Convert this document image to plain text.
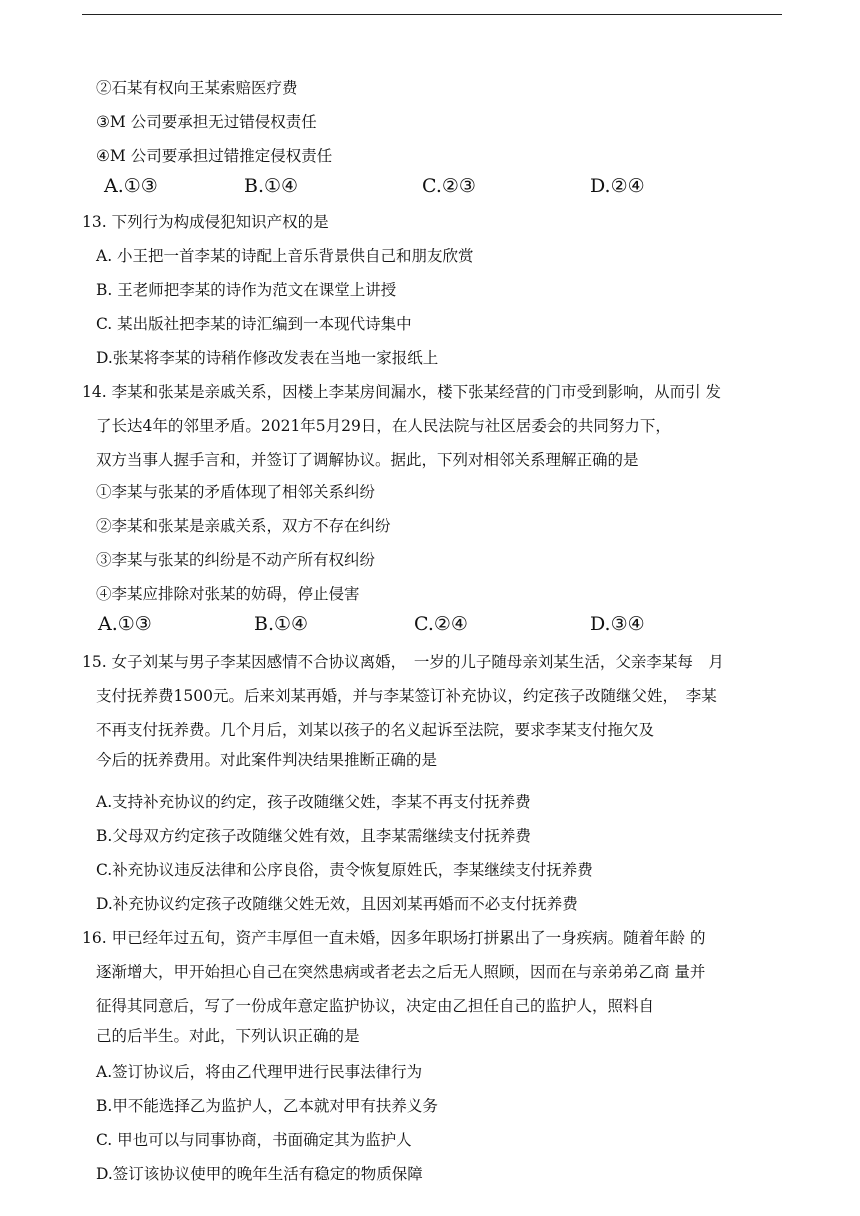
②石某有权向王某索赔医疗费
③M 公司要承担无过错侵权责任
④M 公司要承担过错推定侵权责任
A.①③	B.①④	C.②③	D.②④
13. 下列行为构成侵犯知识产权的是
A. 小王把一首李某的诗配上音乐背景供自己和朋友欣赏
B. 王老师把李某的诗作为范文在课堂上讲授
C. 某出版社把李某的诗汇编到一本现代诗集中
D.张某将李某的诗稍作修改发表在当地一家报纸上
14. 李某和张某是亲戚关系，因楼上李某房间漏水，楼下张某经营的门市受到影响，从而引 发
了长达4年的邻里矛盾。2021年5月29日，在人民法院与社区居委会的共同努力下，
双方当事人握手言和，并签订了调解协议。据此，下列对相邻关系理解正确的是
①李某与张某的矛盾体现了相邻关系纠纷
②李某和张某是亲戚关系，双方不存在纠纷
③李某与张某的纠纷是不动产所有权纠纷
④李某应排除对张某的妨碍，停止侵害
A.①③	B.①④	C.②④	D.③④
15. 女子刘某与男子李某因感情不合协议离婚，　一岁的儿子随母亲刘某生活，父亲李某每　月
支付抚养费1500元。后来刘某再婚，并与李某签订补充协议，约定孩子改随继父姓，　李某
不再支付抚养费。几个月后，刘某以孩子的名义起诉至法院，要求李某支付拖欠及
今后的抚养费用。对此案件判决结果推断正确的是
A.支持补充协议的约定，孩子改随继父姓，李某不再支付抚养费
B.父母双方约定孩子改随继父姓有效，且李某需继续支付抚养费
C.补充协议违反法律和公序良俗，责令恢复原姓氏，李某继续支付抚养费
D.补充协议约定孩子改随继父姓无效，且因刘某再婚而不必支付抚养费
16. 甲已经年过五旬，资产丰厚但一直未婚，因多年职场打拼累出了一身疾病。随着年龄 的
逐渐增大，甲开始担心自己在突然患病或者老去之后无人照顾，因而在与亲弟弟乙商 量并
征得其同意后，写了一份成年意定监护协议，决定由乙担任自己的监护人，照料自
己的后半生。对此，下列认识正确的是
A.签订协议后，将由乙代理甲进行民事法律行为
B.甲不能选择乙为监护人，乙本就对甲有扶养义务
C. 甲也可以与同事协商，书面确定其为监护人
D.签订该协议使甲的晚年生活有稳定的物质保障
